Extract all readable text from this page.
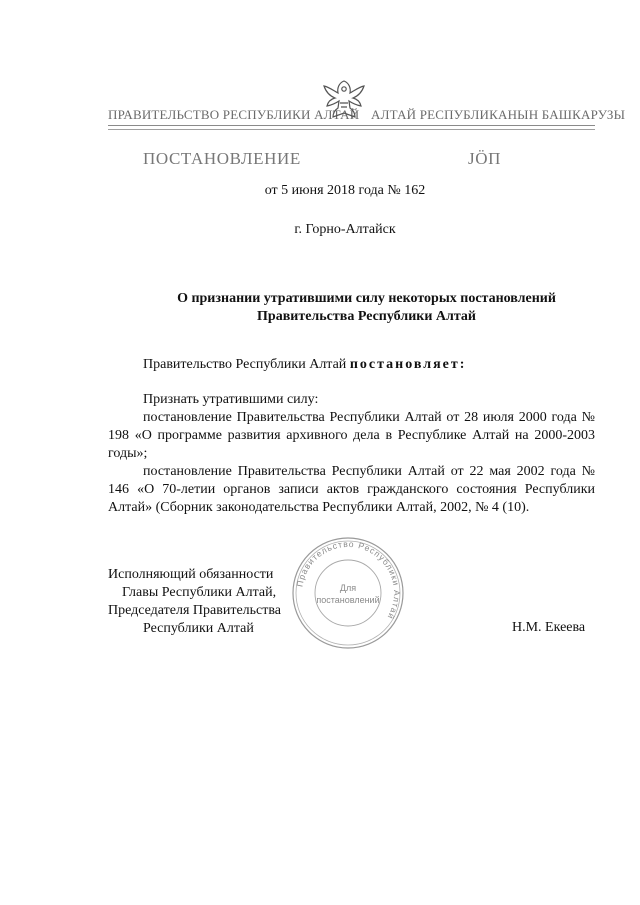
ПРАВИТЕЛЬСТВО РЕСПУБЛИКИ АЛТАЙ АЛТАЙ РЕСПУБЛИКАНЫН БАШКАРУЗЫ
ПОСТАНОВЛЕНИЕ	ЈӦП
от 5 июня 2018 года № 162
г. Горно-Алтайск
О признании утратившими силу некоторых постановлений
Правительства Республики Алтай
Правительство Республики Алтай постановляет:

Признать утратившими силу:

постановление Правительства Республики Алтай от 28 июля 2000 года № 198 «О программе развития архивного дела в Республике Алтай на 2000-2003 годы»;

постановление Правительства Республики Алтай от 22 мая 2002 года № 146 «О 70-летии органов записи актов гражданского состояния Республики Алтай» (Сборник законодательства Республики Алтай, 2002, № 4 (10).

Исполняющий обязанности
Главы Республики Алтай,
Председателя Правительства
Республики Алтай
Правительство Республики Алтай
Для
постановлений
Н.М. Екеева
